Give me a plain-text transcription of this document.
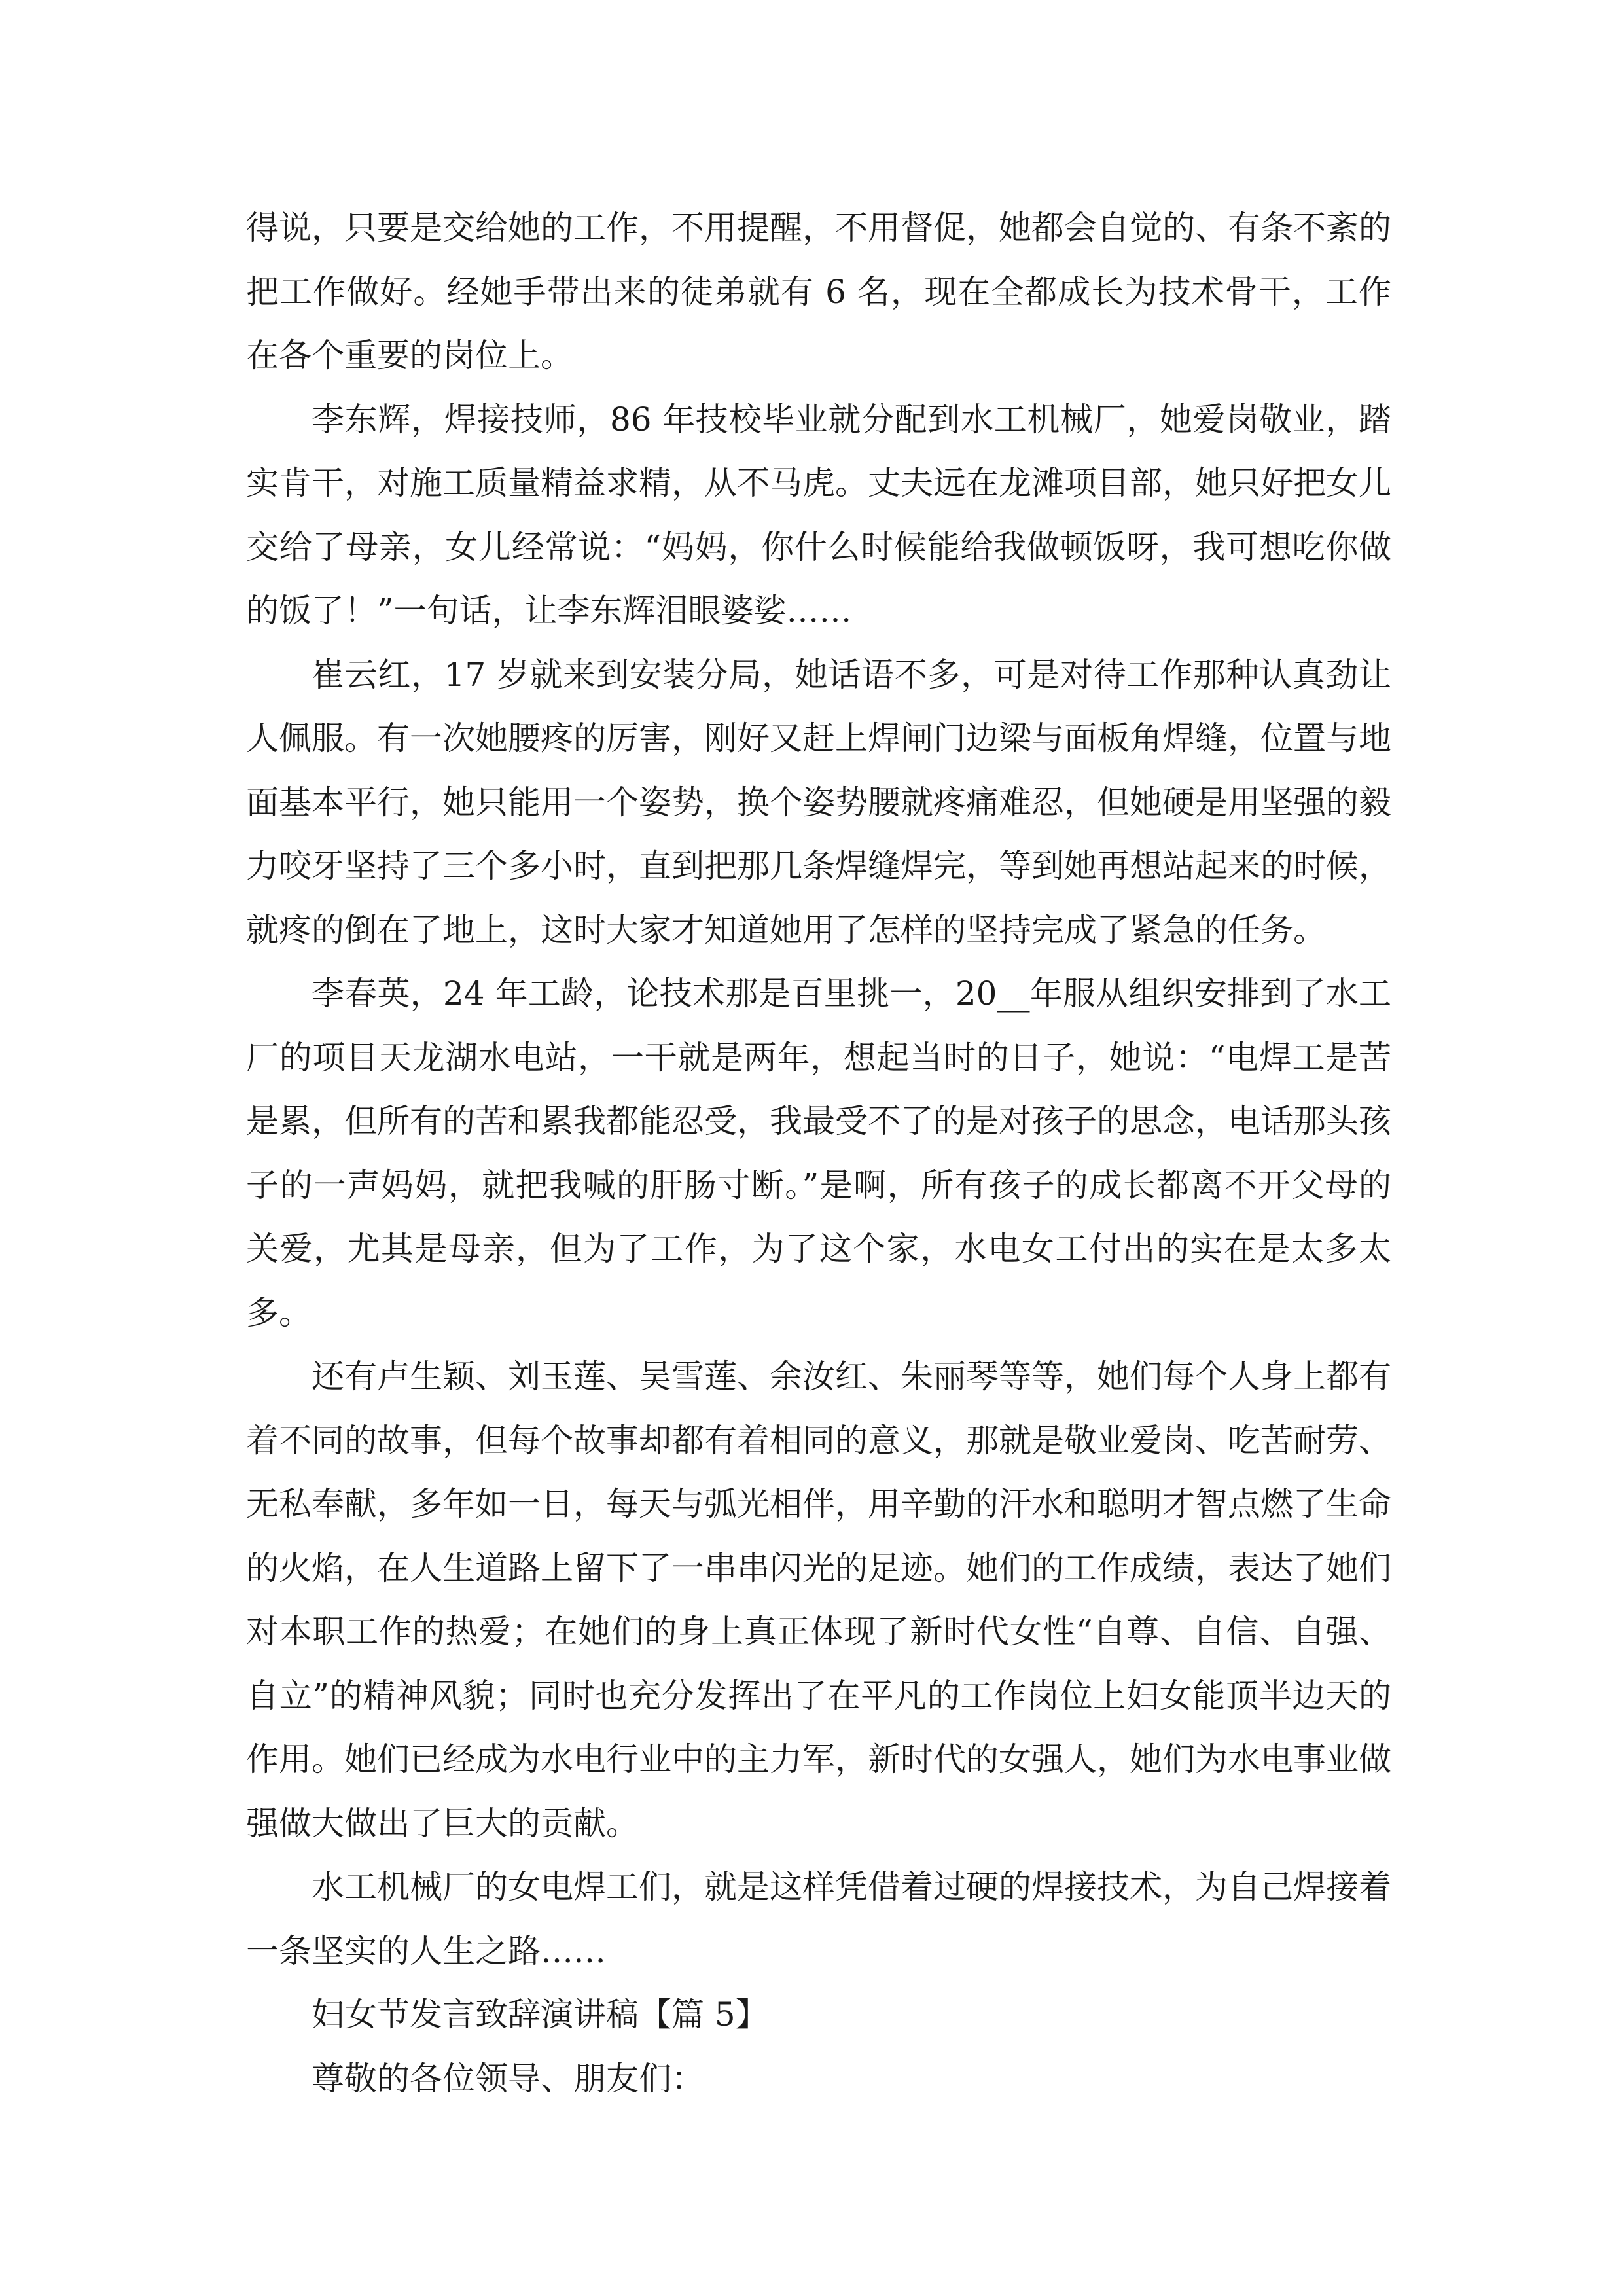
得说，只要是交给她的工作，不用提醒，不用督促，她都会自觉的、有条不紊的把工作做好。经她手带出来的徒弟就有 6 名，现在全都成长为技术骨干，工作在各个重要的岗位上。

李东辉，焊接技师，86 年技校毕业就分配到水工机械厂，她爱岗敬业，踏实肯干，对施工质量精益求精，从不马虎。丈夫远在龙滩项目部，她只好把女儿交给了母亲，女儿经常说：“妈妈，你什么时候能给我做顿饭呀，我可想吃你做的饭了！”一句话，让李东辉泪眼婆娑……

崔云红，17 岁就来到安装分局，她话语不多，可是对待工作那种认真劲让人佩服。有一次她腰疼的厉害，刚好又赶上焊闸门边梁与面板角焊缝，位置与地面基本平行，她只能用一个姿势，换个姿势腰就疼痛难忍，但她硬是用坚强的毅力咬牙坚持了三个多小时，直到把那几条焊缝焊完，等到她再想站起来的时候，就疼的倒在了地上，这时大家才知道她用了怎样的坚持完成了紧急的任务。

李春英，24 年工龄，论技术那是百里挑一，20__年服从组织安排到了水工厂的项目天龙湖水电站，一干就是两年，想起当时的日子，她说：“电焊工是苦是累，但所有的苦和累我都能忍受，我最受不了的是对孩子的思念，电话那头孩子的一声妈妈，就把我喊的肝肠寸断。”是啊，所有孩子的成长都离不开父母的关爱，尤其是母亲，但为了工作，为了这个家，水电女工付出的实在是太多太多。

还有卢生颖、刘玉莲、吴雪莲、余汝红、朱丽琴等等，她们每个人身上都有着不同的故事，但每个故事却都有着相同的意义，那就是敬业爱岗、吃苦耐劳、无私奉献，多年如一日，每天与弧光相伴，用辛勤的汗水和聪明才智点燃了生命的火焰，在人生道路上留下了一串串闪光的足迹。她们的工作成绩，表达了她们对本职工作的热爱；在她们的身上真正体现了新时代女性“自尊、自信、自强、自立”的精神风貌；同时也充分发挥出了在平凡的工作岗位上妇女能顶半边天的作用。她们已经成为水电行业中的主力军，新时代的女强人，她们为水电事业做强做大做出了巨大的贡献。

水工机械厂的女电焊工们，就是这样凭借着过硬的焊接技术，为自己焊接着一条坚实的人生之路……

妇女节发言致辞演讲稿【篇 5】

尊敬的各位领导、朋友们：
